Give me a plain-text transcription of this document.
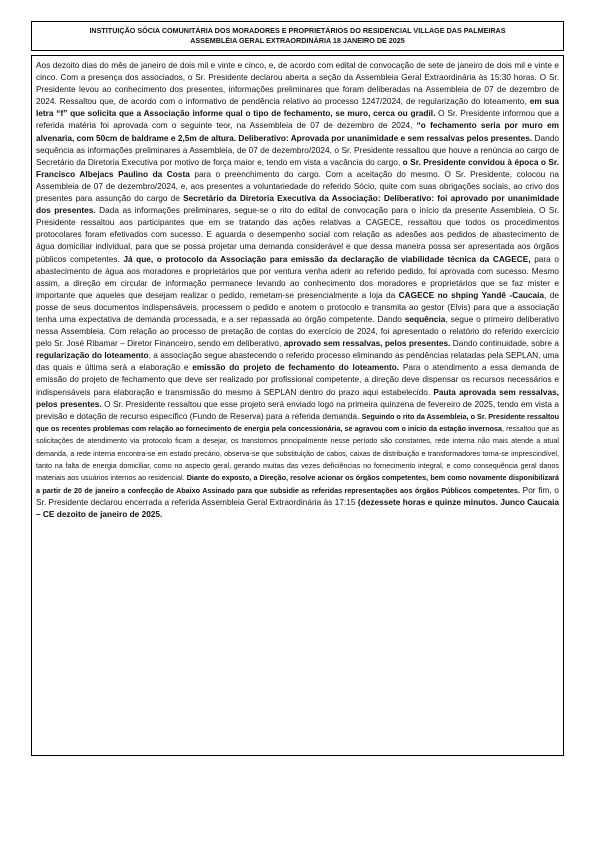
INSTITUIÇÃO SÓCIA COMUNITÁRIA DOS MORADORES E PROPRIETÁRIOS DO RESIDENCIAL VILLAGE DAS PALMEIRAS
ASSEMBLÉIA GERAL EXTRAORDINÁRIA 18 JANEIRO DE 2025

Aos dezoito dias do mês de janeiro de dois mil e vinte e cinco, e, de acordo com edital de convocação de sete de janeiro de dois mil e vinte e cinco. Com a presença dos associados, o Sr. Presidente declarou aberta a seção da Assembleia Geral Extraordinária às 15:30 horas. O Sr. Presidente levou ao conhecimento dos presentes, informações preliminares que foram deliberadas na Assembleia de 07 de dezembro de 2024. Ressaltou que, de acordo com o informativo de pendência relativo ao processo 1247/2024, de regularização do loteamento, em sua letra “f” que solicita que a Associação informe qual o tipo de fechamento, se muro, cerca ou gradil. O Sr. Presidente informou que a referida matéria foi aprovada com o seguinte teor, na Assembleia de 07 de dezembro de 2024, “o fechamento seria por muro em alvenaria, com 50cm de baldrame e 2,5m de altura. Deliberativo: Aprovada por unanimidade e sem ressalvas pelos presentes. Dando sequência as informações preliminares a Assembleia, de 07 de dezembro/2024, o Sr. Presidente ressaltou que houve a renúncia ao cargo de Secretário da Diretoria Executiva por motivo de força maior e, tendo em vista a vacância do cargo, o Sr. Presidente convidou à época o Sr. Francisco Albejacs Paulino da Costa para o preenchimento do cargo. Com a aceitação do mesmo. O Sr. Presidente, colocou na Assembleia de 07 de dezembro/2024, e, aos presentes a voluntariedade do referido Sócio, quite com suas obrigações sociais, ao crivo dos presentes para assunção do cargo de Secretário da Diretoria Executiva da Associação: Deliberativo: foi aprovado por unanimidade dos presentes. Dada as informações preliminares, segue-se o rito do edital de convocação para o início da presente Assembleia. O Sr. Presidente ressaltou aos participantes que em se tratando das ações relativas a CAGECE, ressaltou que todos os procedimentos protocolares foram efetivados com sucesso. E aguarda o desempenho social com relação as adesões aos pedidos de abastecimento de água domiciliar individual, para que se possa projetar uma demanda considerável e que dessa maneira possa ser apresentada aos órgãos públicos competentes. Já que, o protocolo da Associação para emissão da declaração de viabilidade técnica da CAGECE, para o abastecimento de água aos moradores e proprietários que por ventura venha aderir ao referido pedido, foi aprovada com sucesso. Mesmo assim, a direção em circular de informação permanece levando ao conhecimento dos moradores e proprietários que se faz mister e importante que aqueles que desejam realizar o pedido, remetam-se presencialmente a loja da CAGECE no shping Yandê -Caucaia, de posse de seus documentos indispensáveis, processem o pedido e anotem o protocolo e transmita ao gestor (Elvis) para que a associação tenha uma expectativa de demanda processada, e a ser repassada ao órgão competente. Dando sequência, segue o primeiro deliberativo nessa Assembleia. Com relação ao processo de pretação de contas do exercício de 2024, foi apresentado o relatório do referido exercício pelo Sr. José Ribamar – Diretor Financeiro, sendo em deliberativo, aprovado sem ressalvas, pelos presentes. Dando continuidade, sobre a regularização do loteamento, a associação segue abastecendo o referido processo eliminando as pendências relatadas pela SEPLAN, uma das quais e última será a elaboração e emissão do projeto de fechamento do loteamento. Para o atendimento a essa demanda de emissão do projeto de fechamento que deve ser realizado por profissional competente, a direção deve dispensar os recursos necessários e indispensáveis para elaboração e transmissão do mesmo à SEPLAN dentro do prazo aqui estabelecido. Pauta aprovada sem ressalvas, pelos presentes. O Sr. Presidente ressaltou que esse projeto será enviado logo na primeira quinzena de fevereiro de 2025, tendo em vista a previsão e dotação de recurso específico (Fundo de Reserva) para a referida demanda. Seguindo o rito da Assembleia, o Sr. Presidente ressaltou que os recentes problemas com relação ao fornecimento de energia pela concessionária, se agravou com o início da estação invernosa, ressaltou que as solicitações de atendimento via protocolo ficam a desejar, os transtornos principalmente nesse período são constantes, rede interna não mais atende a atual demanda, a rede interna encontra-se em estado precário, observa-se que substituição de cabos, caixas de distribuição e transformadores torna-se imprescindível, tanto na falta de energia domiciliar, como no aspecto geral, gerando muitas das vezes deficiências no fornecimento integral, e como consequência geral danos materiais aos usuários internos ao residencial. Diante do exposto, a Direção, resolve acionar os órgãos competentes, bem como novamente disponibilizará a partir de 20 de janeiro a confecção de Abaixo Assinado para que subsidie as referidas representações aos órgãos Públicos competentes. Por fim, o Sr. Presidente declarou encerrada a referida Assembleia Geral Extraordinária às 17:15 (dezessete horas e quinze minutos. Junco Caucaia – CE dezoito de janeiro de 2025.
